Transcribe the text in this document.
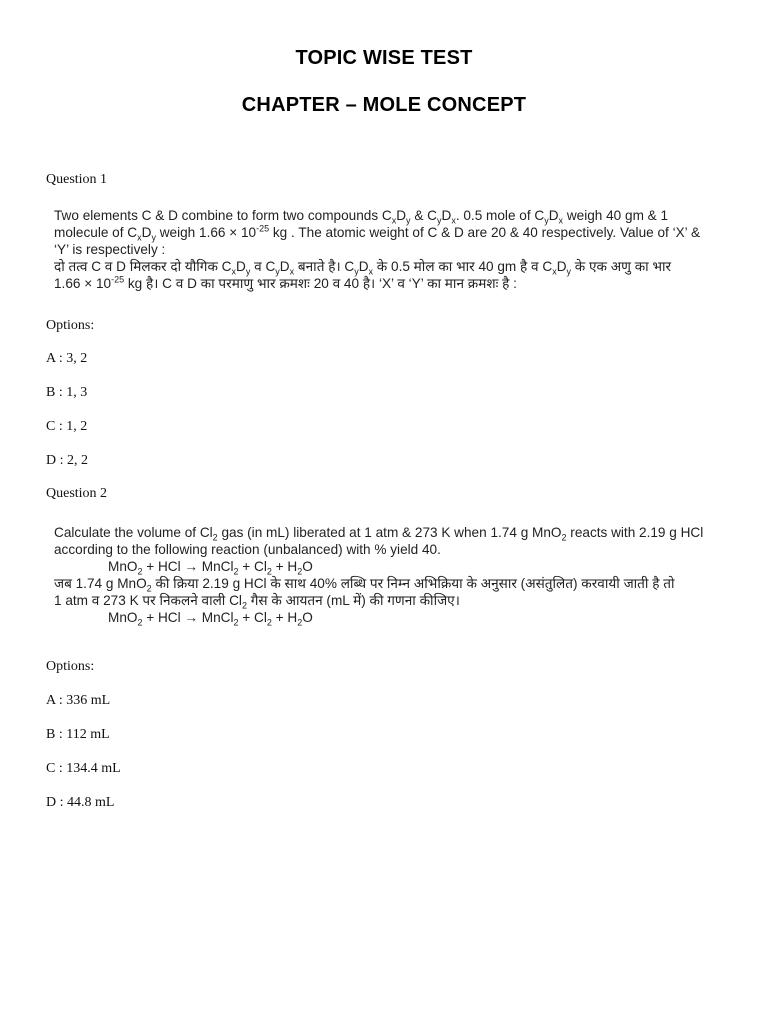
TOPIC WISE TEST
CHAPTER – MOLE CONCEPT
Question 1

Two elements C & D combine to form two compounds $C_xD_y$ & $C_yD_x$. 0.5 mole of $C_yD_x$ weigh 40 gm & 1

molecule of $C_xD_y$ weigh $1.66 \times 10^{-25}$ kg . The atomic weight of C & D are 20 & 40 respectively. Value of ‘X’ &

‘Y’ is respectively :

दो तत्व C व D मिलकर दो यौगिक $C_xD_y$ व $C_yD_x$ बनाते है। $C_yD_x$ के 0.5 मोल का भार 40 gm है व $C_xD_y$ के एक अणु का भार

$1.66 \times 10^{-25}$ kg है। C व D का परमाणु भार क्रमशः 20 व 40 है। ‘X’ व ‘Y’ का मान क्रमशः है :

Options:
A : 3, 2
B : 1, 3
C : 1, 2
D : 2, 2
Question 2

Calculate the volume of $Cl_2$ gas (in mL) liberated at 1 atm & 273 K when 1.74 g MnO$_2$ reacts with 2.19 g HCl

according to the following reaction (unbalanced) with % yield 40.

MnO$_2$ + HCl → MnCl$_2$ + $Cl_2 + H_2O$

जब 1.74 g MnO$_2$ की क्रिया 2.19 g HCl के साथ 40% लब्धि पर निम्न अभिक्रिया के अनुसार (असंतुलित) करवायी जाती है तो

1 atm व 273 K पर निकलने वाली $Cl_2$ गैस के आयतन (mL में) की गणना कीजिए।

MnO$_2$ + HCl → MnCl$_2$ + $Cl_2 + H_2O$

Options:
A : 336 mL
B : 112 mL
C : 134.4 mL
D : 44.8 mL
